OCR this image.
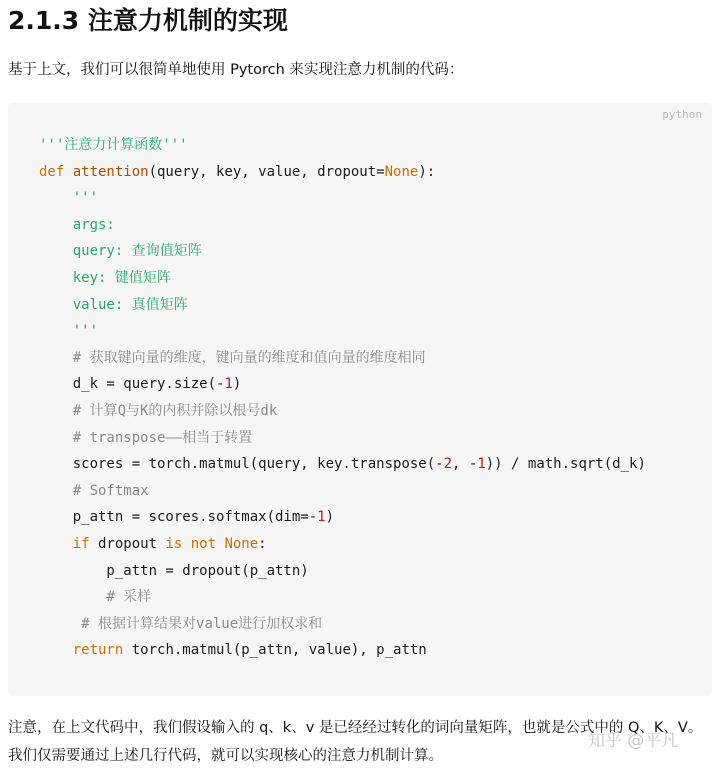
2.1.3 注意力机制的实现
基于上文，我们可以很简单地使用 Pytorch 来实现注意力机制的代码：
python
'''注意力计算函数'''
def attention(query, key, value, dropout=None):
'''
args:
query: 查询值矩阵
key: 键值矩阵
value: 真值矩阵
'''
# 获取键向量的维度，键向量的维度和值向量的维度相同
d_k = query.size(-1)
# 计算Q与K的内积并除以根号dk
# transpose——相当于转置
scores = torch.matmul(query, key.transpose(-2, -1)) / math.sqrt(d_k)
# Softmax
p_attn = scores.softmax(dim=-1)
if dropout is not None:
p_attn = dropout(p_attn)
# 采样
# 根据计算结果对value进行加权求和
return torch.matmul(p_attn, value), p_attn
注意，在上文代码中，我们假设输入的 q、k、v 是已经经过转化的词向量矩阵，也就是公式中的 Q、K、V。
我们仅需要通过上述几行代码，就可以实现核心的注意力机制计算。
知乎 @平凡
